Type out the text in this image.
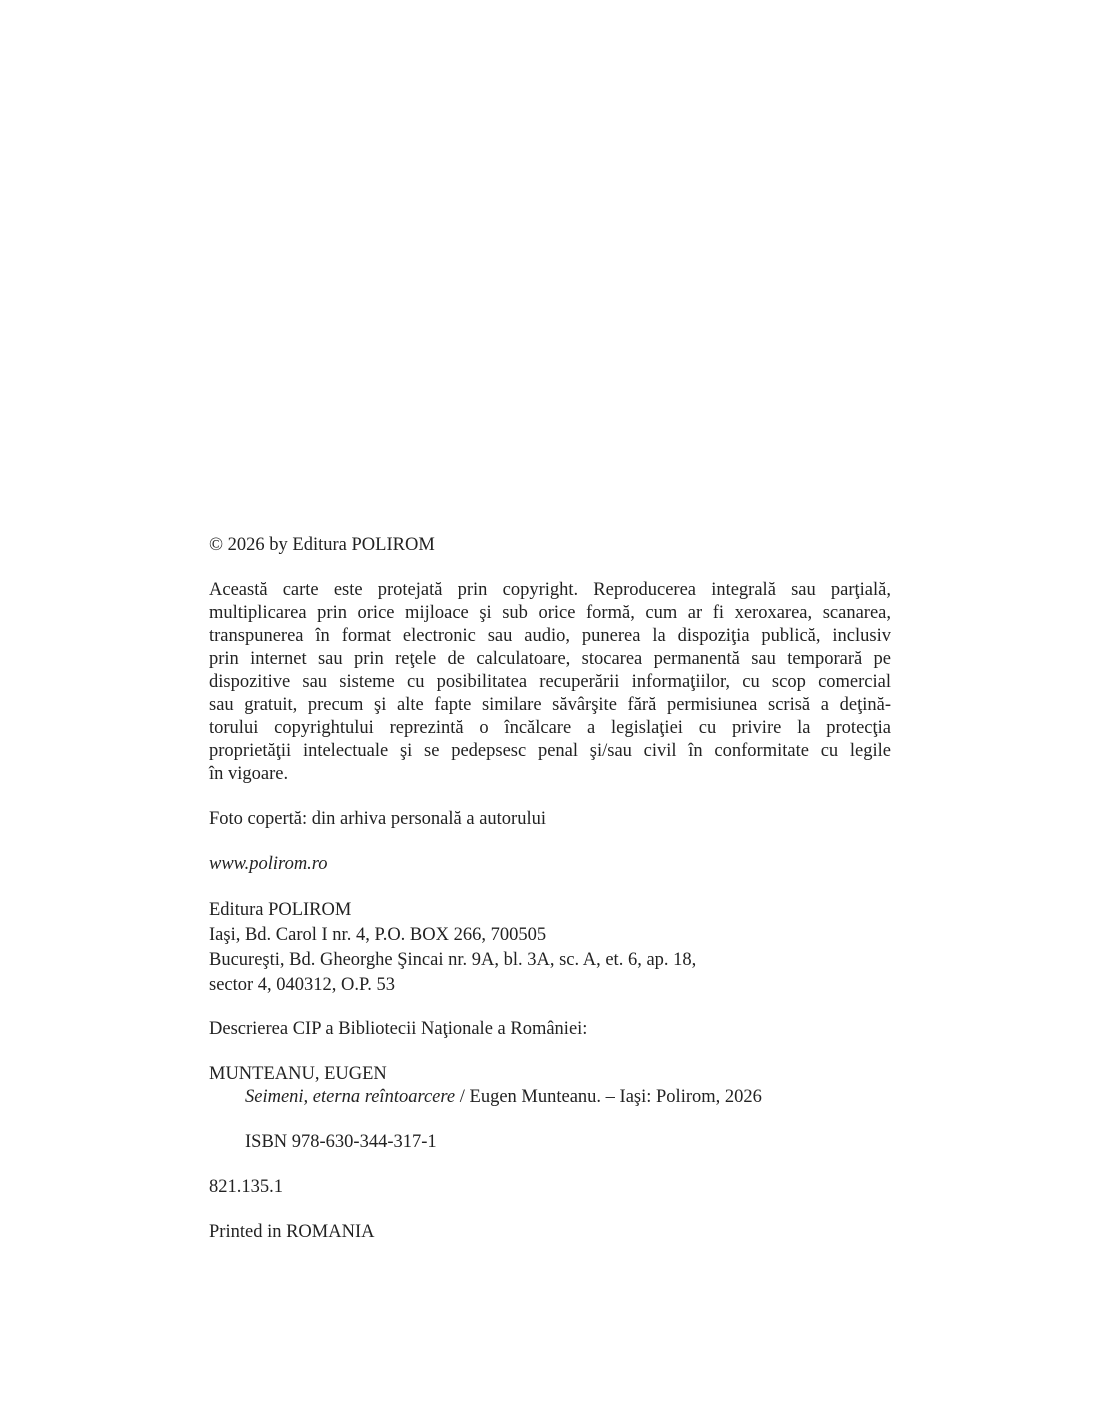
© 2026 by Editura POLIROM

Această carte este protejată prin copyright. Reproducerea integrală sau parţială,
multiplicarea prin orice mijloace şi sub orice formă, cum ar fi xeroxarea, scanarea,
transpunerea în format electronic sau audio, punerea la dispoziţia publică, inclusiv
prin internet sau prin reţele de calculatoare, stocarea permanentă sau temporară pe
dispozitive sau sisteme cu posibilitatea recuperării informaţiilor, cu scop comercial
sau gratuit, precum şi alte fapte similare săvârşite fără permisiunea scrisă a deţină-
torului copyrightului reprezintă o încălcare a legislaţiei cu privire la protecţia
proprietăţii intelectuale şi se pedepsesc penal şi/sau civil în conformitate cu legile
în vigoare.

Foto copertă: din arhiva personală a autorului

www.polirom.ro

Editura POLIROM

Iaşi, Bd. Carol I nr. 4, P.O. BOX 266, 700505

Bucureşti, Bd. Gheorghe Şincai nr. 9A, bl. 3A, sc. A, et. 6, ap. 18,

sector 4, 040312, O.P. 53

Descrierea CIP a Bibliotecii Naţionale a României:

MUNTEANU, EUGEN

Seimeni, eterna reîntoarcere / Eugen Munteanu. – Iaşi: Polirom, 2026

ISBN 978-630-344-317-1

821.135.1

Printed in ROMANIA
